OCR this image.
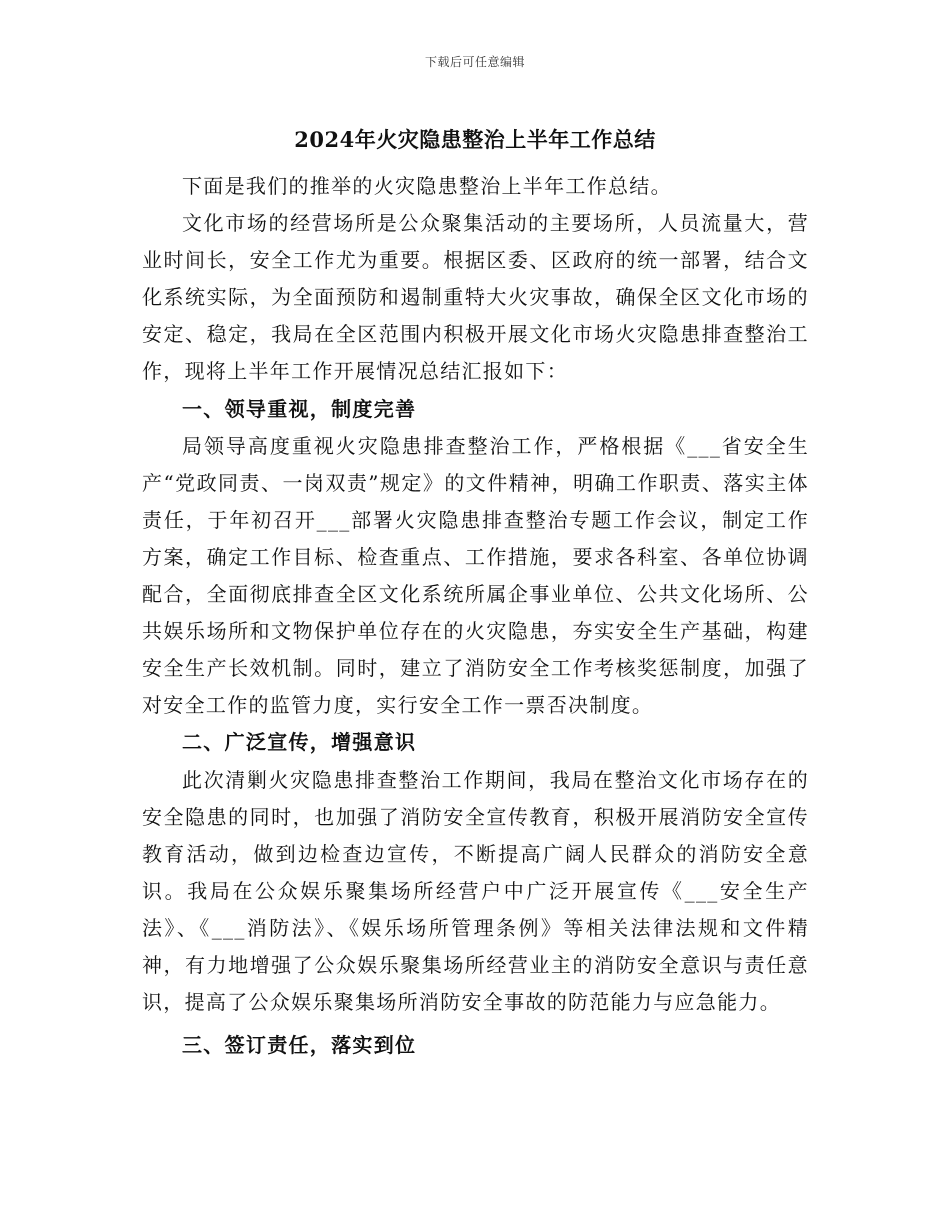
下载后可任意编辑
2024年火灾隐患整治上半年工作总结

下面是我们的推举的火灾隐患整治上半年工作总结。

文化市场的经营场所是公众聚集活动的主要场所，人员流量大，营业时间长，安全工作尤为重要。根据区委、区政府的统一部署，结合文化系统实际，为全面预防和遏制重特大火灾事故，确保全区文化市场的安定、稳定，我局在全区范围内积极开展文化市场火灾隐患排查整治工作，现将上半年工作开展情况总结汇报如下：

一、领导重视，制度完善

局领导高度重视火灾隐患排查整治工作，严格根据《___省安全生产“党政同责、一岗双责”规定》的文件精神，明确工作职责、落实主体责任，于年初召开___部署火灾隐患排查整治专题工作会议，制定工作方案，确定工作目标、检查重点、工作措施，要求各科室、各单位协调配合，全面彻底排查全区文化系统所属企事业单位、公共文化场所、公共娱乐场所和文物保护单位存在的火灾隐患，夯实安全生产基础，构建安全生产长效机制。同时，建立了消防安全工作考核奖惩制度，加强了对安全工作的监管力度，实行安全工作一票否决制度。

二、广泛宣传，增强意识

此次清剿火灾隐患排查整治工作期间，我局在整治文化市场存在的安全隐患的同时，也加强了消防安全宣传教育，积极开展消防安全宣传教育活动，做到边检查边宣传，不断提高广阔人民群众的消防安全意识。我局在公众娱乐聚集场所经营户中广泛开展宣传《___安全生产法》、《___消防法》、《娱乐场所管理条例》等相关法律法规和文件精神，有力地增强了公众娱乐聚集场所经营业主的消防安全意识与责任意识，提高了公众娱乐聚集场所消防安全事故的防范能力与应急能力。

三、签订责任，落实到位
